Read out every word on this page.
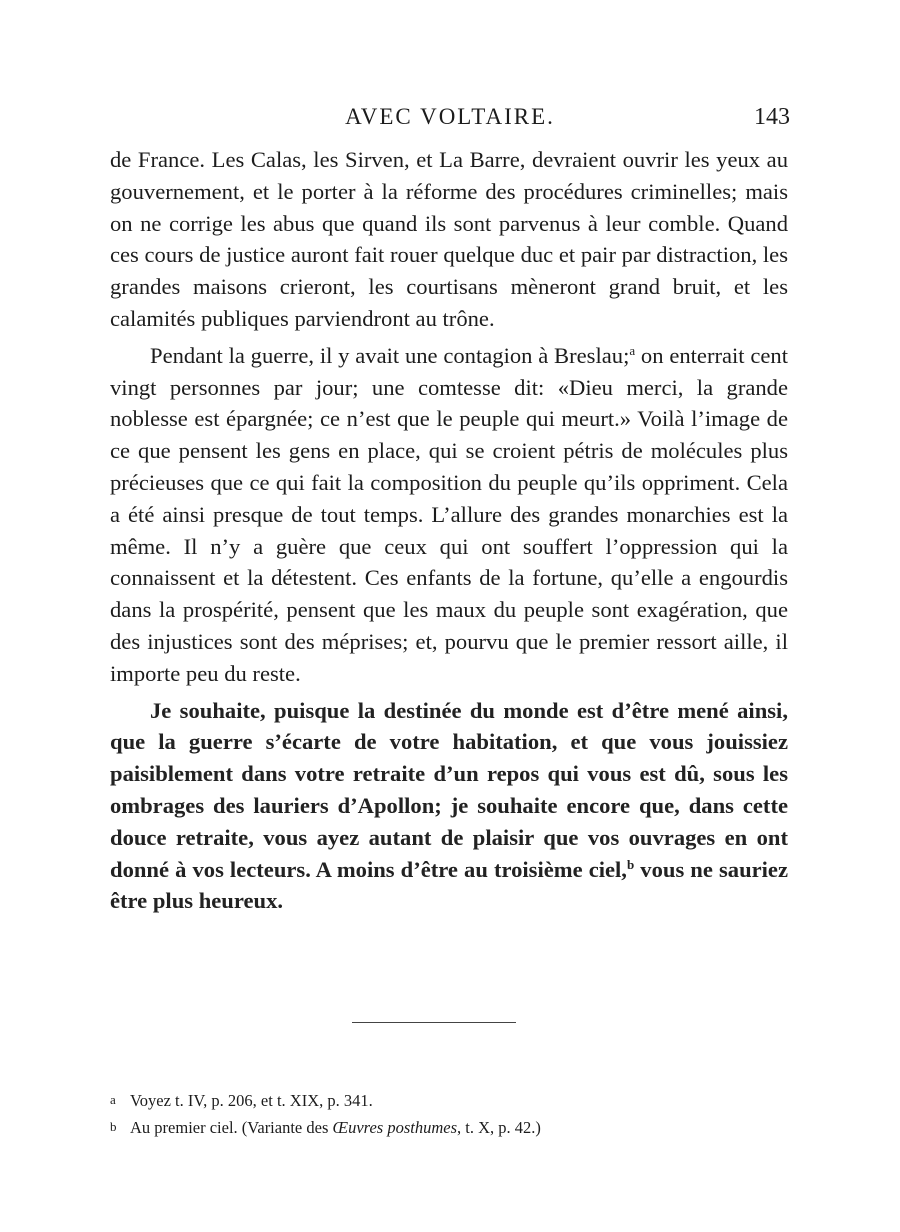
AVEC VOLTAIRE.	143

de France. Les Calas, les Sirven, et La Barre, devraient ouvrir les yeux au gouvernement, et le porter à la réforme des procédures criminelles; mais on ne corrige les abus que quand ils sont parvenus à leur comble. Quand ces cours de justice auront fait rouer quelque duc et pair par distraction, les grandes maisons crieront, les courtisans mèneront grand bruit, et les calamités publiques parviendront au trône.

Pendant la guerre, il y avait une contagion à Breslau;$^a$ on enterrait cent vingt personnes par jour; une comtesse dit: «Dieu merci, la grande noblesse est épargnée; ce n’est que le peuple qui meurt.» Voilà l’image de ce que pensent les gens en place, qui se croient pétris de molécules plus précieuses que ce qui fait la composition du peuple qu’ils oppriment. Cela a été ainsi presque de tout temps. L’allure des grandes monarchies est la même. Il n’y a guère que ceux qui ont souffert l’oppression qui la connaissent et la détestent. Ces enfants de la fortune, qu’elle a engourdis dans la prospérité, pensent que les maux du peuple sont exagération, que des injustices sont des méprises; et, pourvu que le premier ressort aille, il importe peu du reste.

Je souhaite, puisque la destinée du monde est d’être mené ainsi, que la guerre s’écarte de votre habitation, et que vous jouissiez paisiblement dans votre retraite d’un repos qui vous est dû, sous les ombrages des lauriers d’Apollon; je souhaite encore que, dans cette douce retraite, vous ayez autant de plaisir que vos ouvrages en ont donné à vos lecteurs. A moins d’être au troisième ciel,$^b$ vous ne sauriez être plus heureux.

a Voyez t. IV, p. 206, et t. XIX, p. 341.
b Au premier ciel. (Variante des Œuvres posthumes, t. X, p. 42.)
